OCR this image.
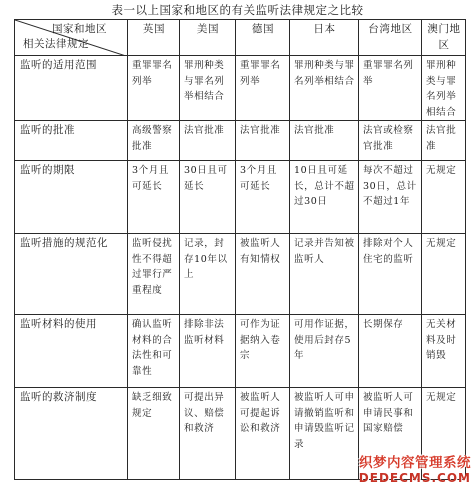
表一以上国家和地区的有关监听法律规定之比较
国家和地区
相关法律规定	英国	美国	德国	日本	台湾地区	澳门地区
监听的适用范围	重罪罪名列举	罪刑种类与罪名列举相结合	重罪罪名列举	罪刑种类与罪名列举相结合	重罪罪名列举	罪刑种类与罪名列举相结合
监听的批准	高级警察批准	法官批准	法官批准	法官批准	法官或检察官批准	法官批准
监听的期限	3个月且可延长	30日且可延长	3个月且可延长	10日且可延长，总计不超过30日	每次不超过30日，总计不超过1年	无规定
监听措施的规范化	监听侵扰性不得超过罪行严重程度	记录，封存10年以上	被监听人有知情权	记录并告知被监听人	排除对个人住宅的监听	无规定
监听材料的使用	确认监听材料的合法性和可靠性	排除非法监听材料	可作为证据纳入卷宗	可用作证据，使用后封存5年	长期保存	无关材料及时销毁
监听的救济制度	缺乏细致规定	可提出异议、赔偿和救济	被监听人可提起诉讼和救济	被监听人可申请撤销监听和申请毁监听记录	被监听人可申请民事和国家赔偿	无规定
织梦内容管理系统
DEDECMS.COM
